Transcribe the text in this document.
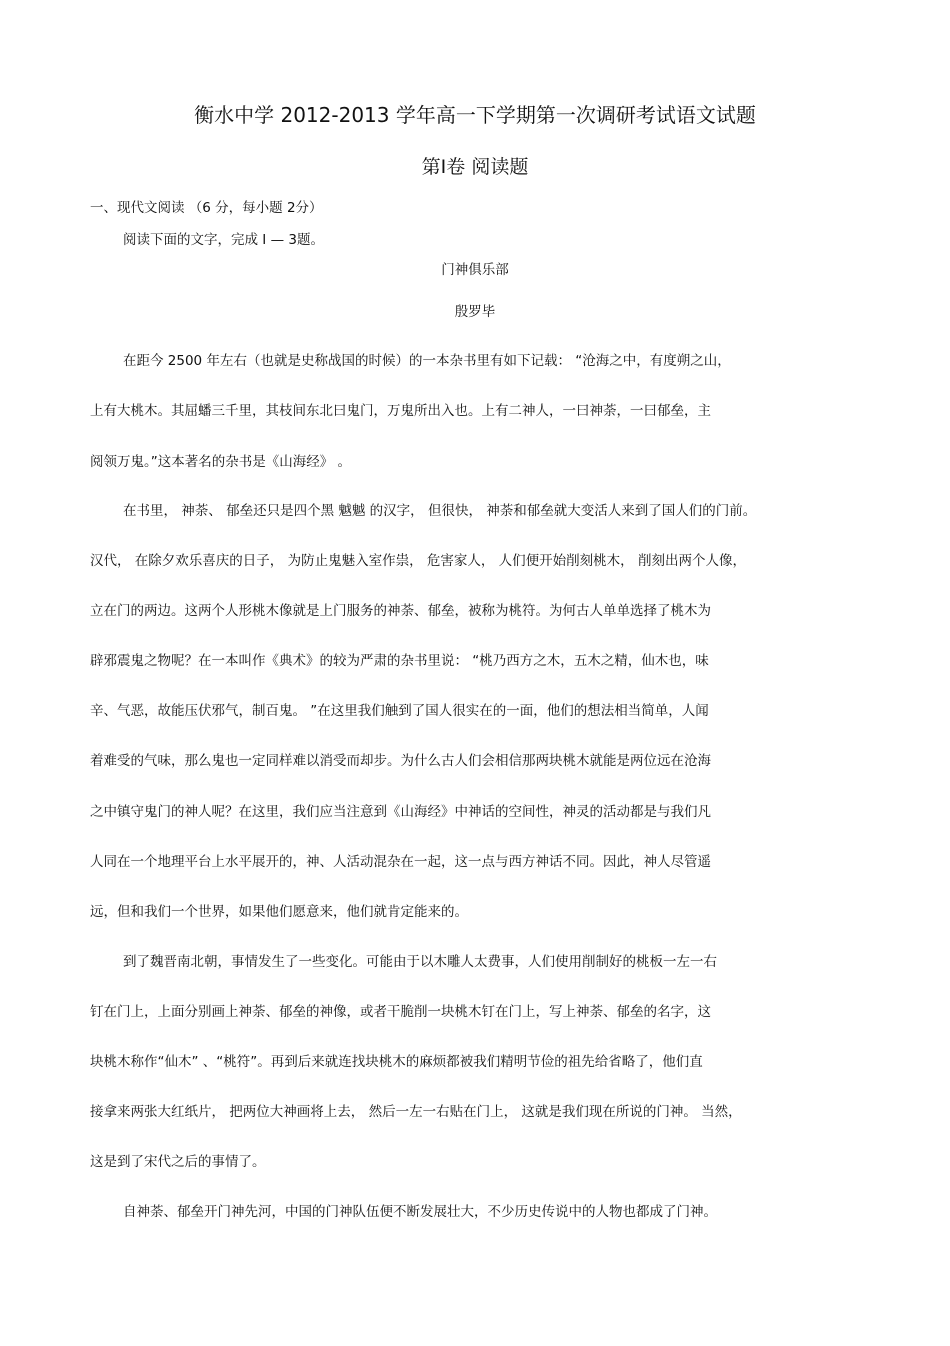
衡水中学 2012-2013 学年高一下学期第一次调研考试语文试题
第Ⅰ卷 阅读题
一、现代文阅读 （6 分，每小题 2分）
阅读下面的文字，完成 Ⅰ — 3题。
门神俱乐部
殷罗毕
在距今 2500 年左右（也就是史称战国的时候）的一本杂书里有如下记载： “沧海之中，有度朔之山，
上有大桃木。其屈蟠三千里，其枝间东北曰鬼门，万鬼所出入也。上有二神人，一曰神荼，一曰郁垒，主
阅领万鬼。”这本著名的杂书是《山海经》 。
在书里， 神荼、 郁垒还只是四个黑 魆魆 的汉字， 但很快， 神荼和郁垒就大变活人来到了国人们的门前。
汉代， 在除夕欢乐喜庆的日子， 为防止鬼魅入室作祟， 危害家人， 人们便开始削刻桃木， 削刻出两个人像，
立在门的两边。这两个人形桃木像就是上门服务的神荼、郁垒，被称为桃符。为何古人单单选择了桃木为
辟邪震鬼之物呢？在一本叫作《典术》的较为严肃的杂书里说： “桃乃西方之木，五木之精，仙木也，味
辛、气恶，故能压伏邪气，制百鬼。 ”在这里我们触到了国人很实在的一面，他们的想法相当简单，人闻
着难受的气味，那么鬼也一定同样难以消受而却步。为什么古人们会相信那两块桃木就能是两位远在沧海
之中镇守鬼门的神人呢？在这里，我们应当注意到《山海经》中神话的空间性，神灵的活动都是与我们凡
人同在一个地理平台上水平展开的，神、人活动混杂在一起，这一点与西方神话不同。因此，神人尽管遥
远，但和我们一个世界，如果他们愿意来，他们就肯定能来的。
到了魏晋南北朝，事情发生了一些变化。可能由于以木雕人太费事，人们使用削制好的桃板一左一右
钉在门上，上面分别画上神荼、郁垒的神像，或者干脆削一块桃木钉在门上，写上神荼、郁垒的名字，这
块桃木称作“仙木” 、“桃符”。再到后来就连找块桃木的麻烦都被我们精明节俭的祖先给省略了，他们直
接拿来两张大红纸片， 把两位大神画将上去， 然后一左一右贴在门上， 这就是我们现在所说的门神。 当然，
这是到了宋代之后的事情了。
自神荼、郁垒开门神先河，中国的门神队伍便不断发展壮大，不少历史传说中的人物也都成了门神。
